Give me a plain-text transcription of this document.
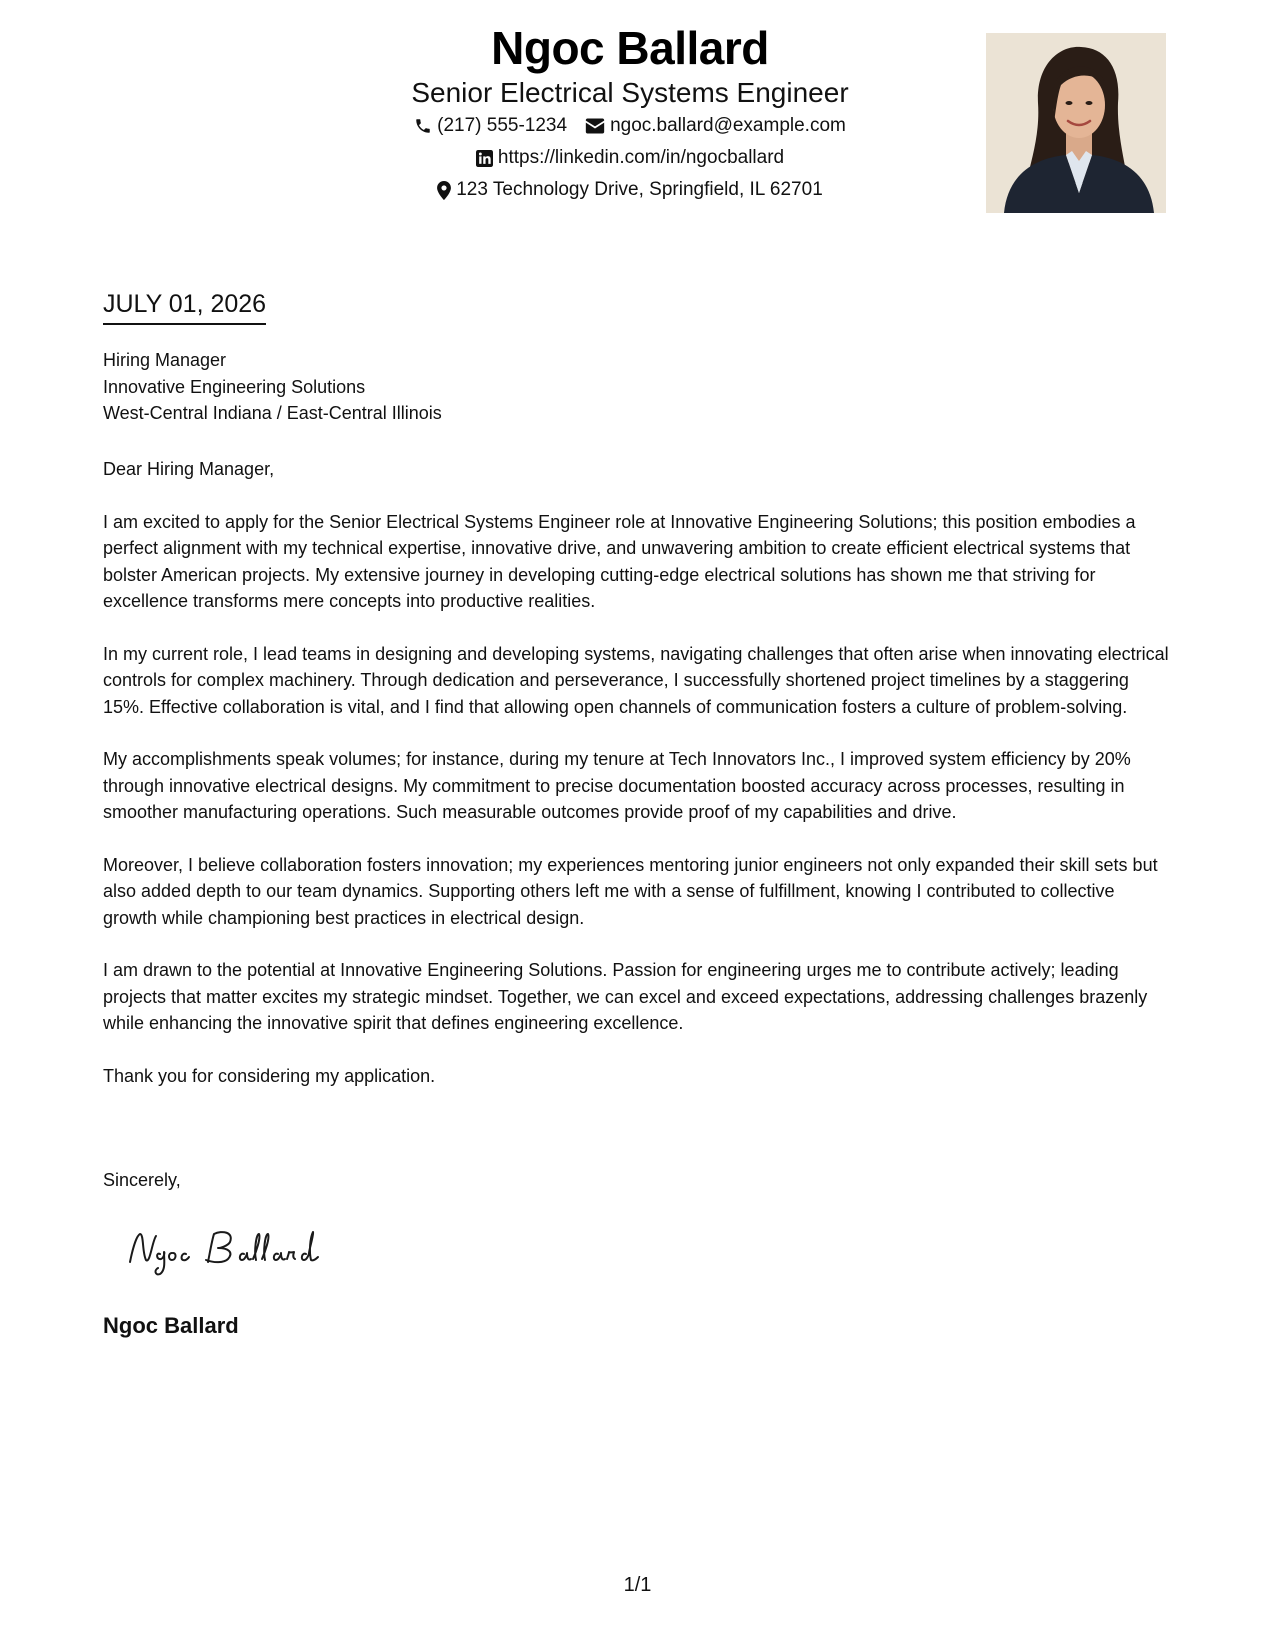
Ngoc Ballard
Senior Electrical Systems Engineer
(217) 555-1234 ngoc.ballard@example.com
https://linkedin.com/in/ngocballard
123 Technology Drive, Springfield, IL 62701
JULY 01, 2026
Hiring Manager
Innovative Engineering Solutions
West-Central Indiana / East-Central Illinois

Dear Hiring Manager,

I am excited to apply for the Senior Electrical Systems Engineer role at Innovative Engineering Solutions; this position embodies a perfect alignment with my technical expertise, innovative drive, and unwavering ambition to create efficient electrical systems that bolster American projects. My extensive journey in developing cutting-edge electrical solutions has shown me that striving for excellence transforms mere concepts into productive realities.

In my current role, I lead teams in designing and developing systems, navigating challenges that often arise when innovating electrical controls for complex machinery. Through dedication and perseverance, I successfully shortened project timelines by a staggering 15%. Effective collaboration is vital, and I find that allowing open channels of communication fosters a culture of problem-solving.

My accomplishments speak volumes; for instance, during my tenure at Tech Innovators Inc., I improved system efficiency by 20% through innovative electrical designs. My commitment to precise documentation boosted accuracy across processes, resulting in smoother manufacturing operations. Such measurable outcomes provide proof of my capabilities and drive.

Moreover, I believe collaboration fosters innovation; my experiences mentoring junior engineers not only expanded their skill sets but also added depth to our team dynamics. Supporting others left me with a sense of fulfillment, knowing I contributed to collective growth while championing best practices in electrical design.

I am drawn to the potential at Innovative Engineering Solutions. Passion for engineering urges me to contribute actively; leading projects that matter excites my strategic mindset. Together, we can excel and exceed expectations, addressing challenges brazenly while enhancing the innovative spirit that defines engineering excellence.

Thank you for considering my application.

Sincerely,
Ngoc Ballard
1/1
